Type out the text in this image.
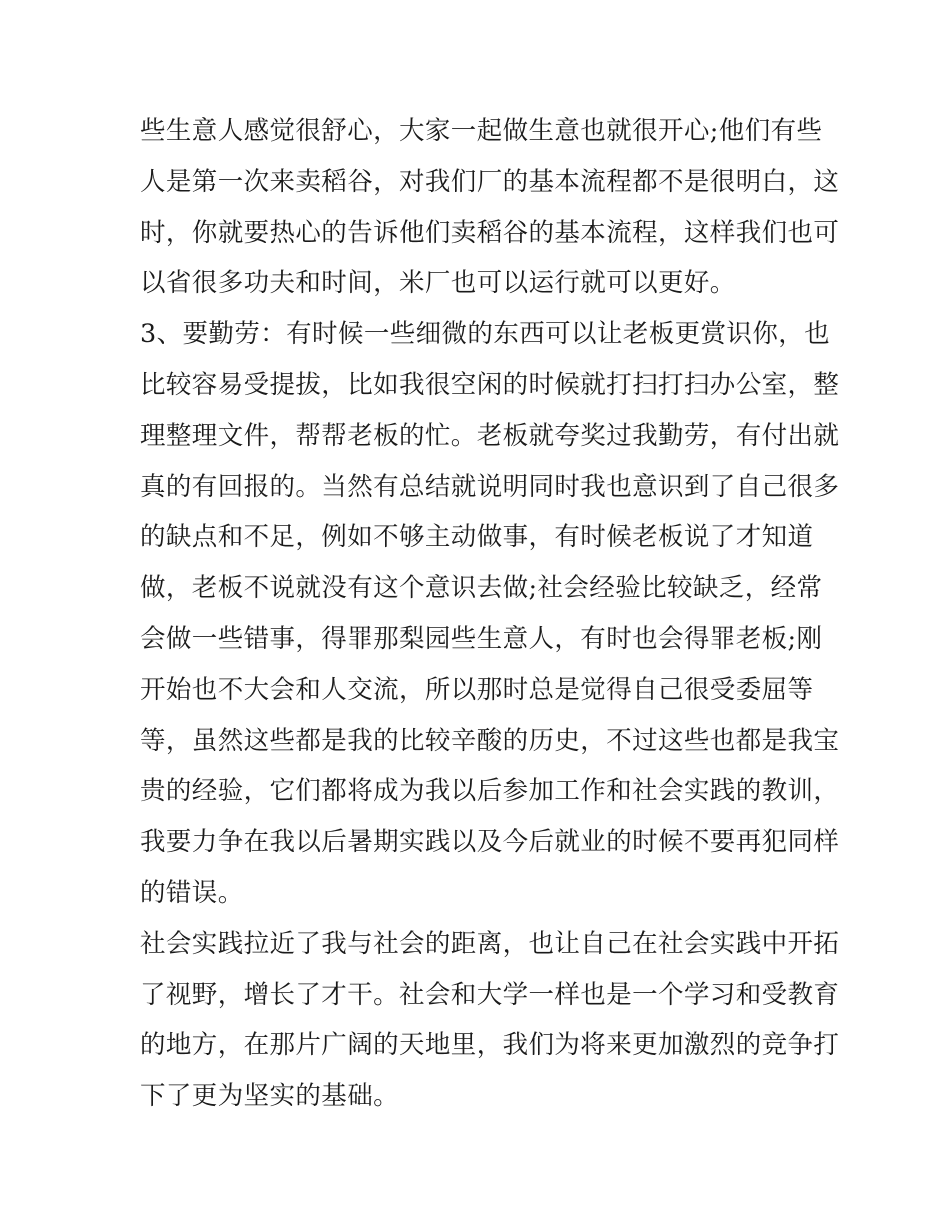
些生意人感觉很舒心，大家一起做生意也就很开心;他们有些
人是第一次来卖稻谷，对我们厂的基本流程都不是很明白，这
时，你就要热心的告诉他们卖稻谷的基本流程，这样我们也可
以省很多功夫和时间，米厂也可以运行就可以更好。
3、要勤劳：有时候一些细微的东西可以让老板更赏识你，也
比较容易受提拔，比如我很空闲的时候就打扫打扫办公室，整
理整理文件，帮帮老板的忙。老板就夸奖过我勤劳，有付出就
真的有回报的。当然有总结就说明同时我也意识到了自己很多
的缺点和不足，例如不够主动做事，有时候老板说了才知道
做，老板不说就没有这个意识去做;社会经验比较缺乏，经常
会做一些错事，得罪那梨园些生意人，有时也会得罪老板;刚
开始也不大会和人交流，所以那时总是觉得自己很受委屈等
等，虽然这些都是我的比较辛酸的历史，不过这些也都是我宝
贵的经验，它们都将成为我以后参加工作和社会实践的教训，
我要力争在我以后暑期实践以及今后就业的时候不要再犯同样
的错误。
社会实践拉近了我与社会的距离，也让自己在社会实践中开拓
了视野，增长了才干。社会和大学一样也是一个学习和受教育
的地方，在那片广阔的天地里，我们为将来更加激烈的竞争打
下了更为坚实的基础。
